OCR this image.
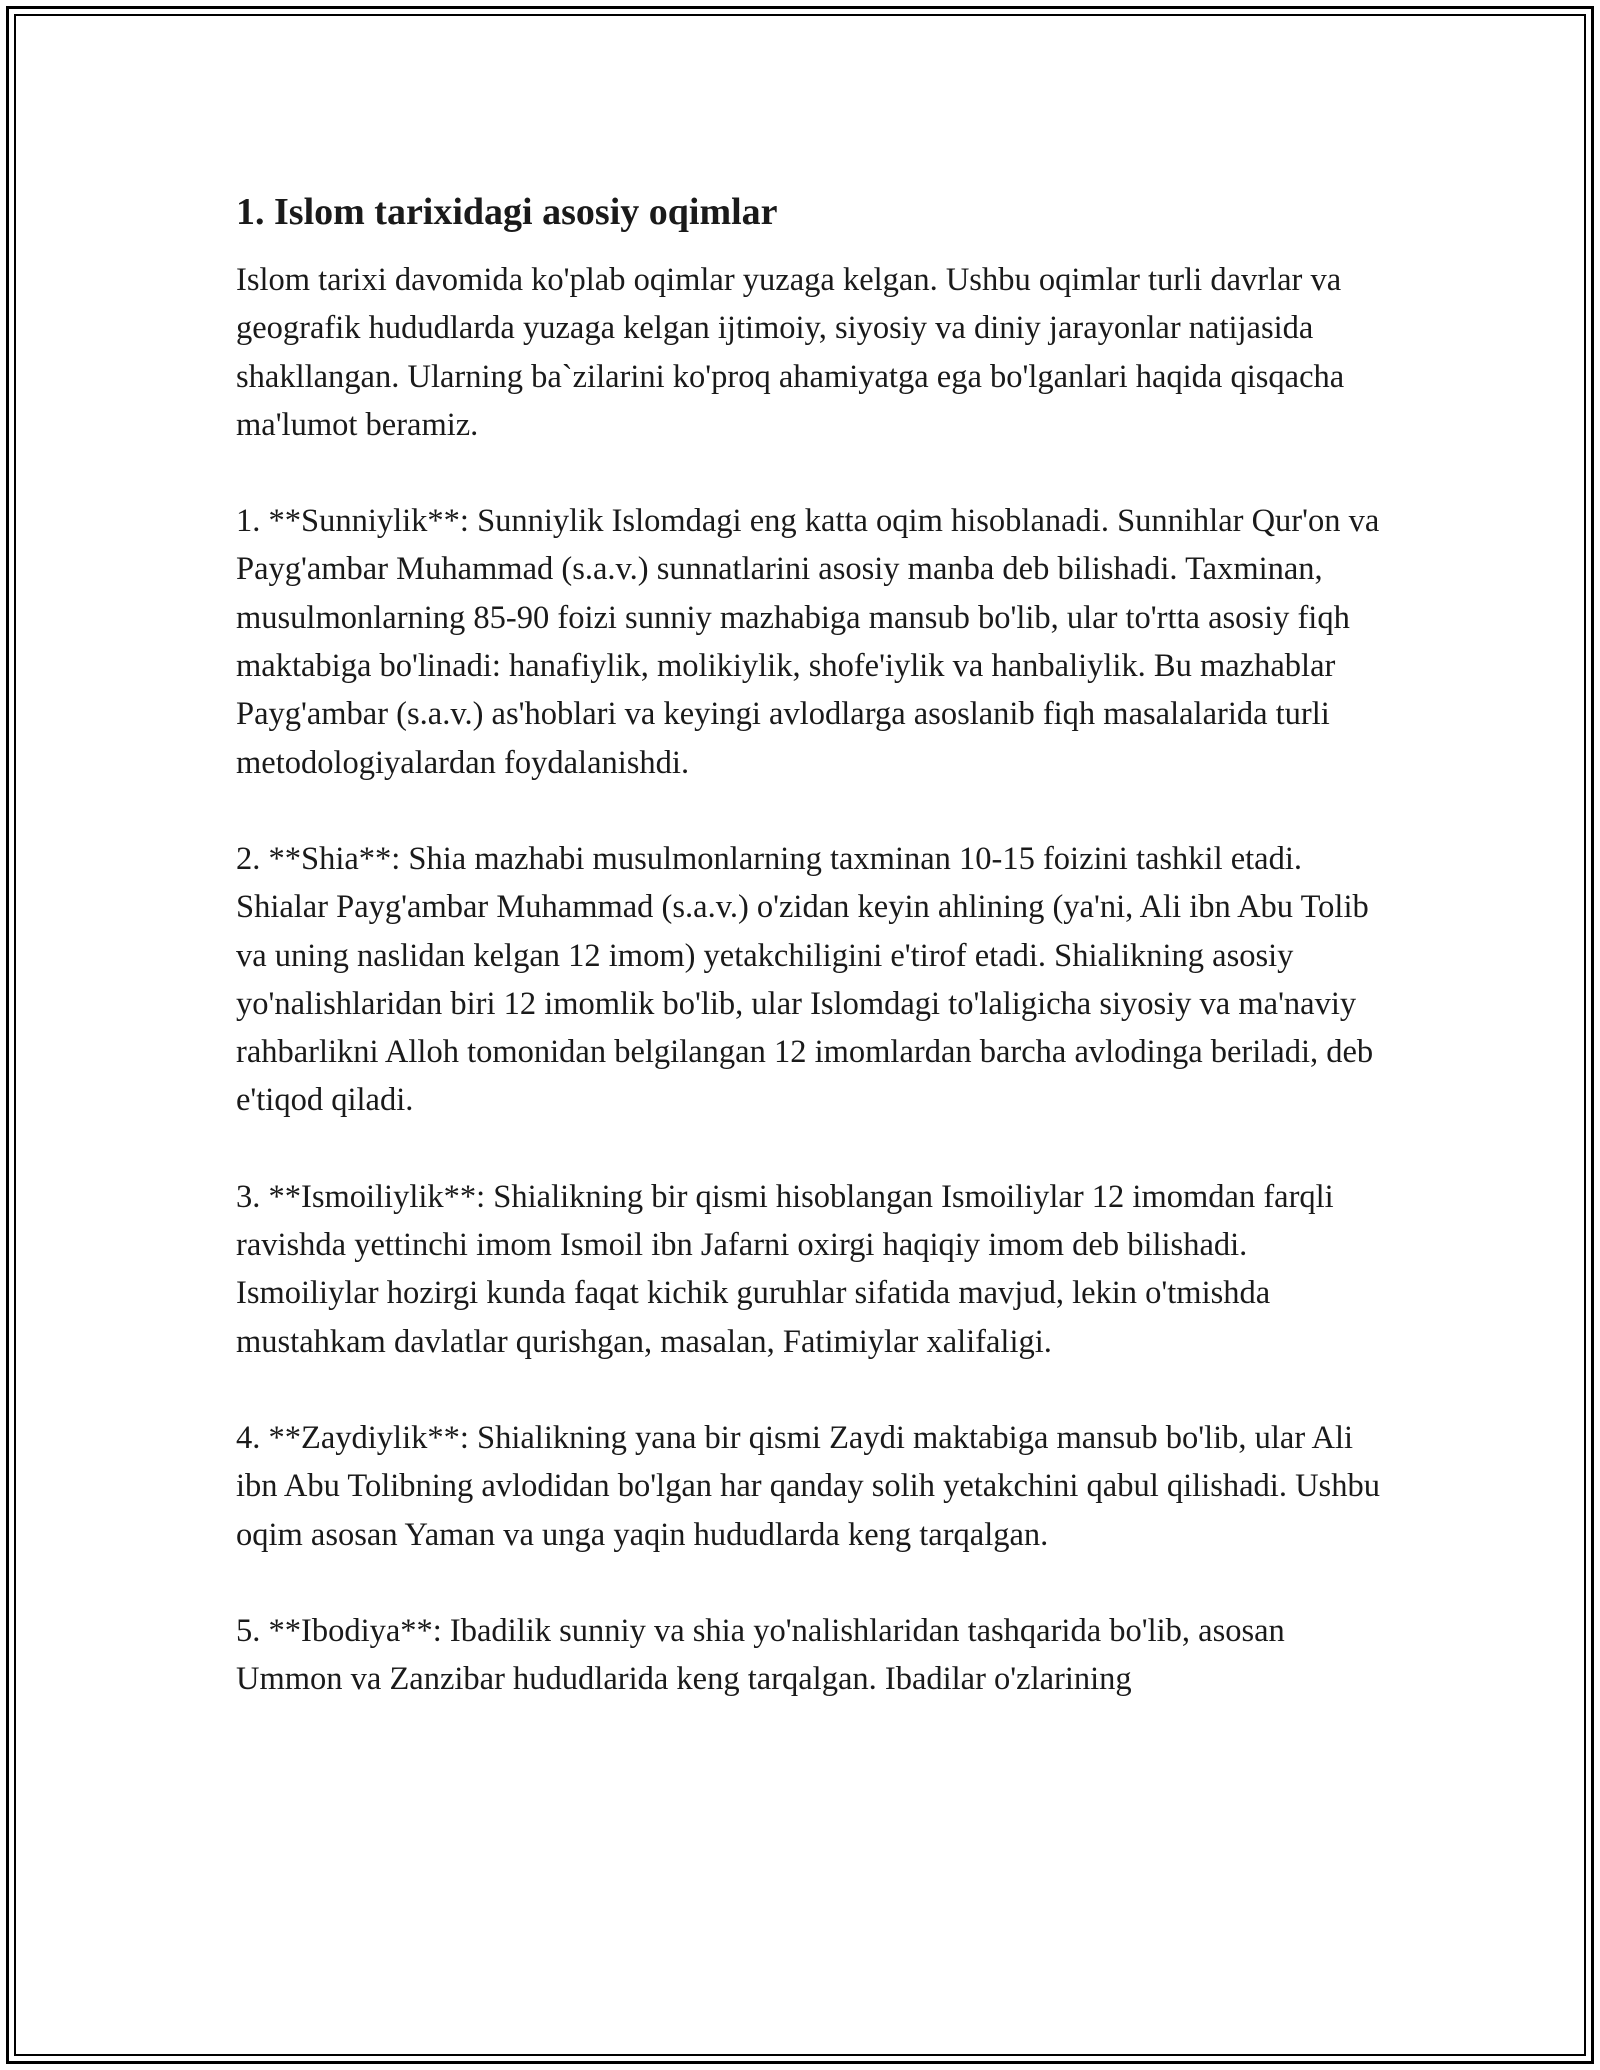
1. Islom tarixidagi asosiy oqimlar

Islom tarixi davomida ko'plab oqimlar yuzaga kelgan. Ushbu oqimlar turli davrlar va geografik hududlarda yuzaga kelgan ijtimoiy, siyosiy va diniy jarayonlar natijasida shakllangan. Ularning ba`zilarini ko'proq ahamiyatga ega bo'lganlari haqida qisqacha ma'lumot beramiz.

1. **Sunniylik**: Sunniylik Islomdagi eng katta oqim hisoblanadi. Sunnihlar Qur'on va Payg'ambar Muhammad (s.a.v.) sunnatlarini asosiy manba deb bilishadi. Taxminan, musulmonlarning 85-90 foizi sunniy mazhabiga mansub bo'lib, ular to'rtta asosiy fiqh maktabiga bo'linadi: hanafiylik, molikiylik, shofe'iylik va hanbaliylik. Bu mazhablar Payg'ambar (s.a.v.) as'hoblari va keyingi avlodlarga asoslanib fiqh masalalarida turli metodologiyalardan foydalanishdi.

2. **Shia**: Shia mazhabi musulmonlarning taxminan 10-15 foizini tashkil etadi. Shialar Payg'ambar Muhammad (s.a.v.) o'zidan keyin ahlining (ya'ni, Ali ibn Abu Tolib va uning naslidan kelgan 12 imom) yetakchiligini e'tirof etadi. Shialikning asosiy yo'nalishlaridan biri 12 imomlik bo'lib, ular Islomdagi to'laligicha siyosiy va ma'naviy rahbarlikni Alloh tomonidan belgilangan 12 imomlardan barcha avlodinga beriladi, deb e'tiqod qiladi.

3. **Ismoiliylik**: Shialikning bir qismi hisoblangan Ismoiliylar 12 imomdan farqli ravishda yettinchi imom Ismoil ibn Jafarni oxirgi haqiqiy imom deb bilishadi. Ismoiliylar hozirgi kunda faqat kichik guruhlar sifatida mavjud, lekin o'tmishda mustahkam davlatlar qurishgan, masalan, Fatimiylar xalifaligi.

4. **Zaydiylik**: Shialikning yana bir qismi Zaydi maktabiga mansub bo'lib, ular Ali ibn Abu Tolibning avlodidan bo'lgan har qanday solih yetakchini qabul qilishadi. Ushbu oqim asosan Yaman va unga yaqin hududlarda keng tarqalgan.

5. **Ibodiya**: Ibadilik sunniy va shia yo'nalishlaridan tashqarida bo'lib, asosan Ummon va Zanzibar hududlarida keng tarqalgan. Ibadilar o'zlarining
